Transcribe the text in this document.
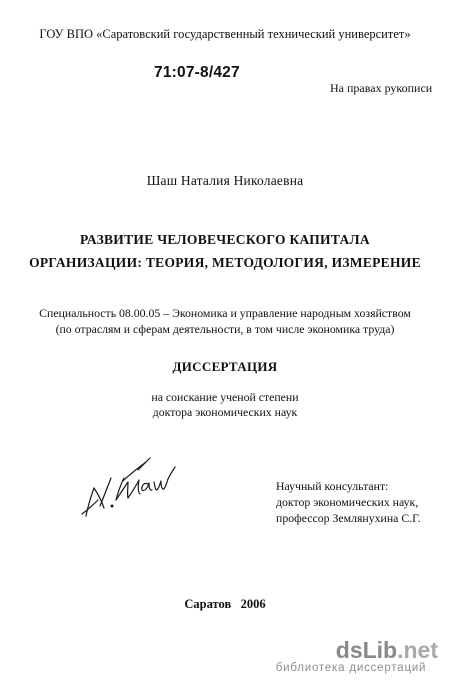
ГОУ ВПО «Саратовский государственный технический университет»
71:07-8/427
На правах рукописи
Шаш Наталия Николаевна
РАЗВИТИЕ ЧЕЛОВЕЧЕСКОГО КАПИТАЛА
ОРГАНИЗАЦИИ: ТЕОРИЯ, МЕТОДОЛОГИЯ, ИЗМЕРЕНИЕ
Специальность 08.00.05 – Экономика и управление народным хозяйством
(по отраслям и сферам деятельности, в том числе экономика труда)
ДИССЕРТАЦИЯ
на соискание ученой степени
доктора экономических наук
Научный консультант:
доктор экономических наук,
профессор Землянухина С.Г.
Саратов   2006
dsLib.net
библиотека диссертаций
